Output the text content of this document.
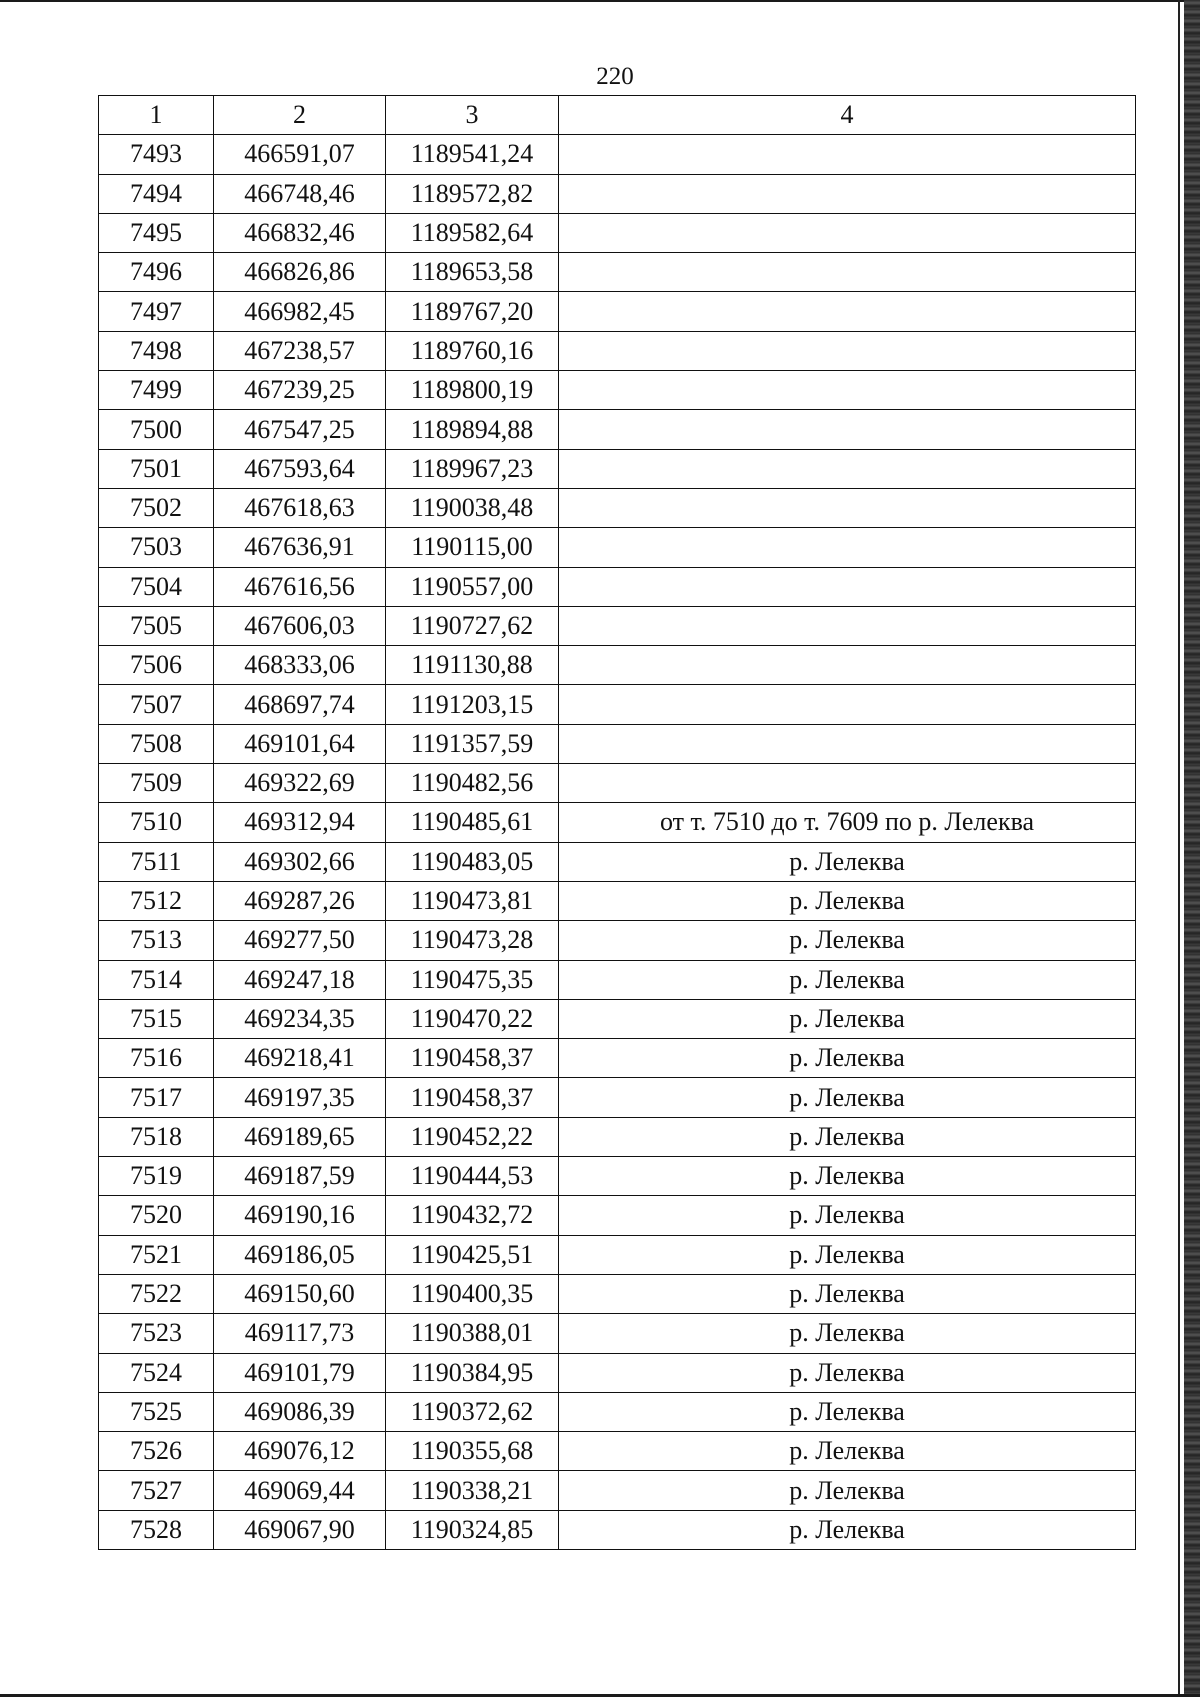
220
1	2	3	4
7493	466591,07	1189541,24	
7494	466748,46	1189572,82	
7495	466832,46	1189582,64	
7496	466826,86	1189653,58	
7497	466982,45	1189767,20	
7498	467238,57	1189760,16	
7499	467239,25	1189800,19	
7500	467547,25	1189894,88	
7501	467593,64	1189967,23	
7502	467618,63	1190038,48	
7503	467636,91	1190115,00	
7504	467616,56	1190557,00	
7505	467606,03	1190727,62	
7506	468333,06	1191130,88	
7507	468697,74	1191203,15	
7508	469101,64	1191357,59	
7509	469322,69	1190482,56	
7510	469312,94	1190485,61	от т. 7510 до т. 7609 по р. Лелеква
7511	469302,66	1190483,05	р. Лелеква
7512	469287,26	1190473,81	р. Лелеква
7513	469277,50	1190473,28	р. Лелеква
7514	469247,18	1190475,35	р. Лелеква
7515	469234,35	1190470,22	р. Лелеква
7516	469218,41	1190458,37	р. Лелеква
7517	469197,35	1190458,37	р. Лелеква
7518	469189,65	1190452,22	р. Лелеква
7519	469187,59	1190444,53	р. Лелеква
7520	469190,16	1190432,72	р. Лелеква
7521	469186,05	1190425,51	р. Лелеква
7522	469150,60	1190400,35	р. Лелеква
7523	469117,73	1190388,01	р. Лелеква
7524	469101,79	1190384,95	р. Лелеква
7525	469086,39	1190372,62	р. Лелеква
7526	469076,12	1190355,68	р. Лелеква
7527	469069,44	1190338,21	р. Лелеква
7528	469067,90	1190324,85	р. Лелеква
